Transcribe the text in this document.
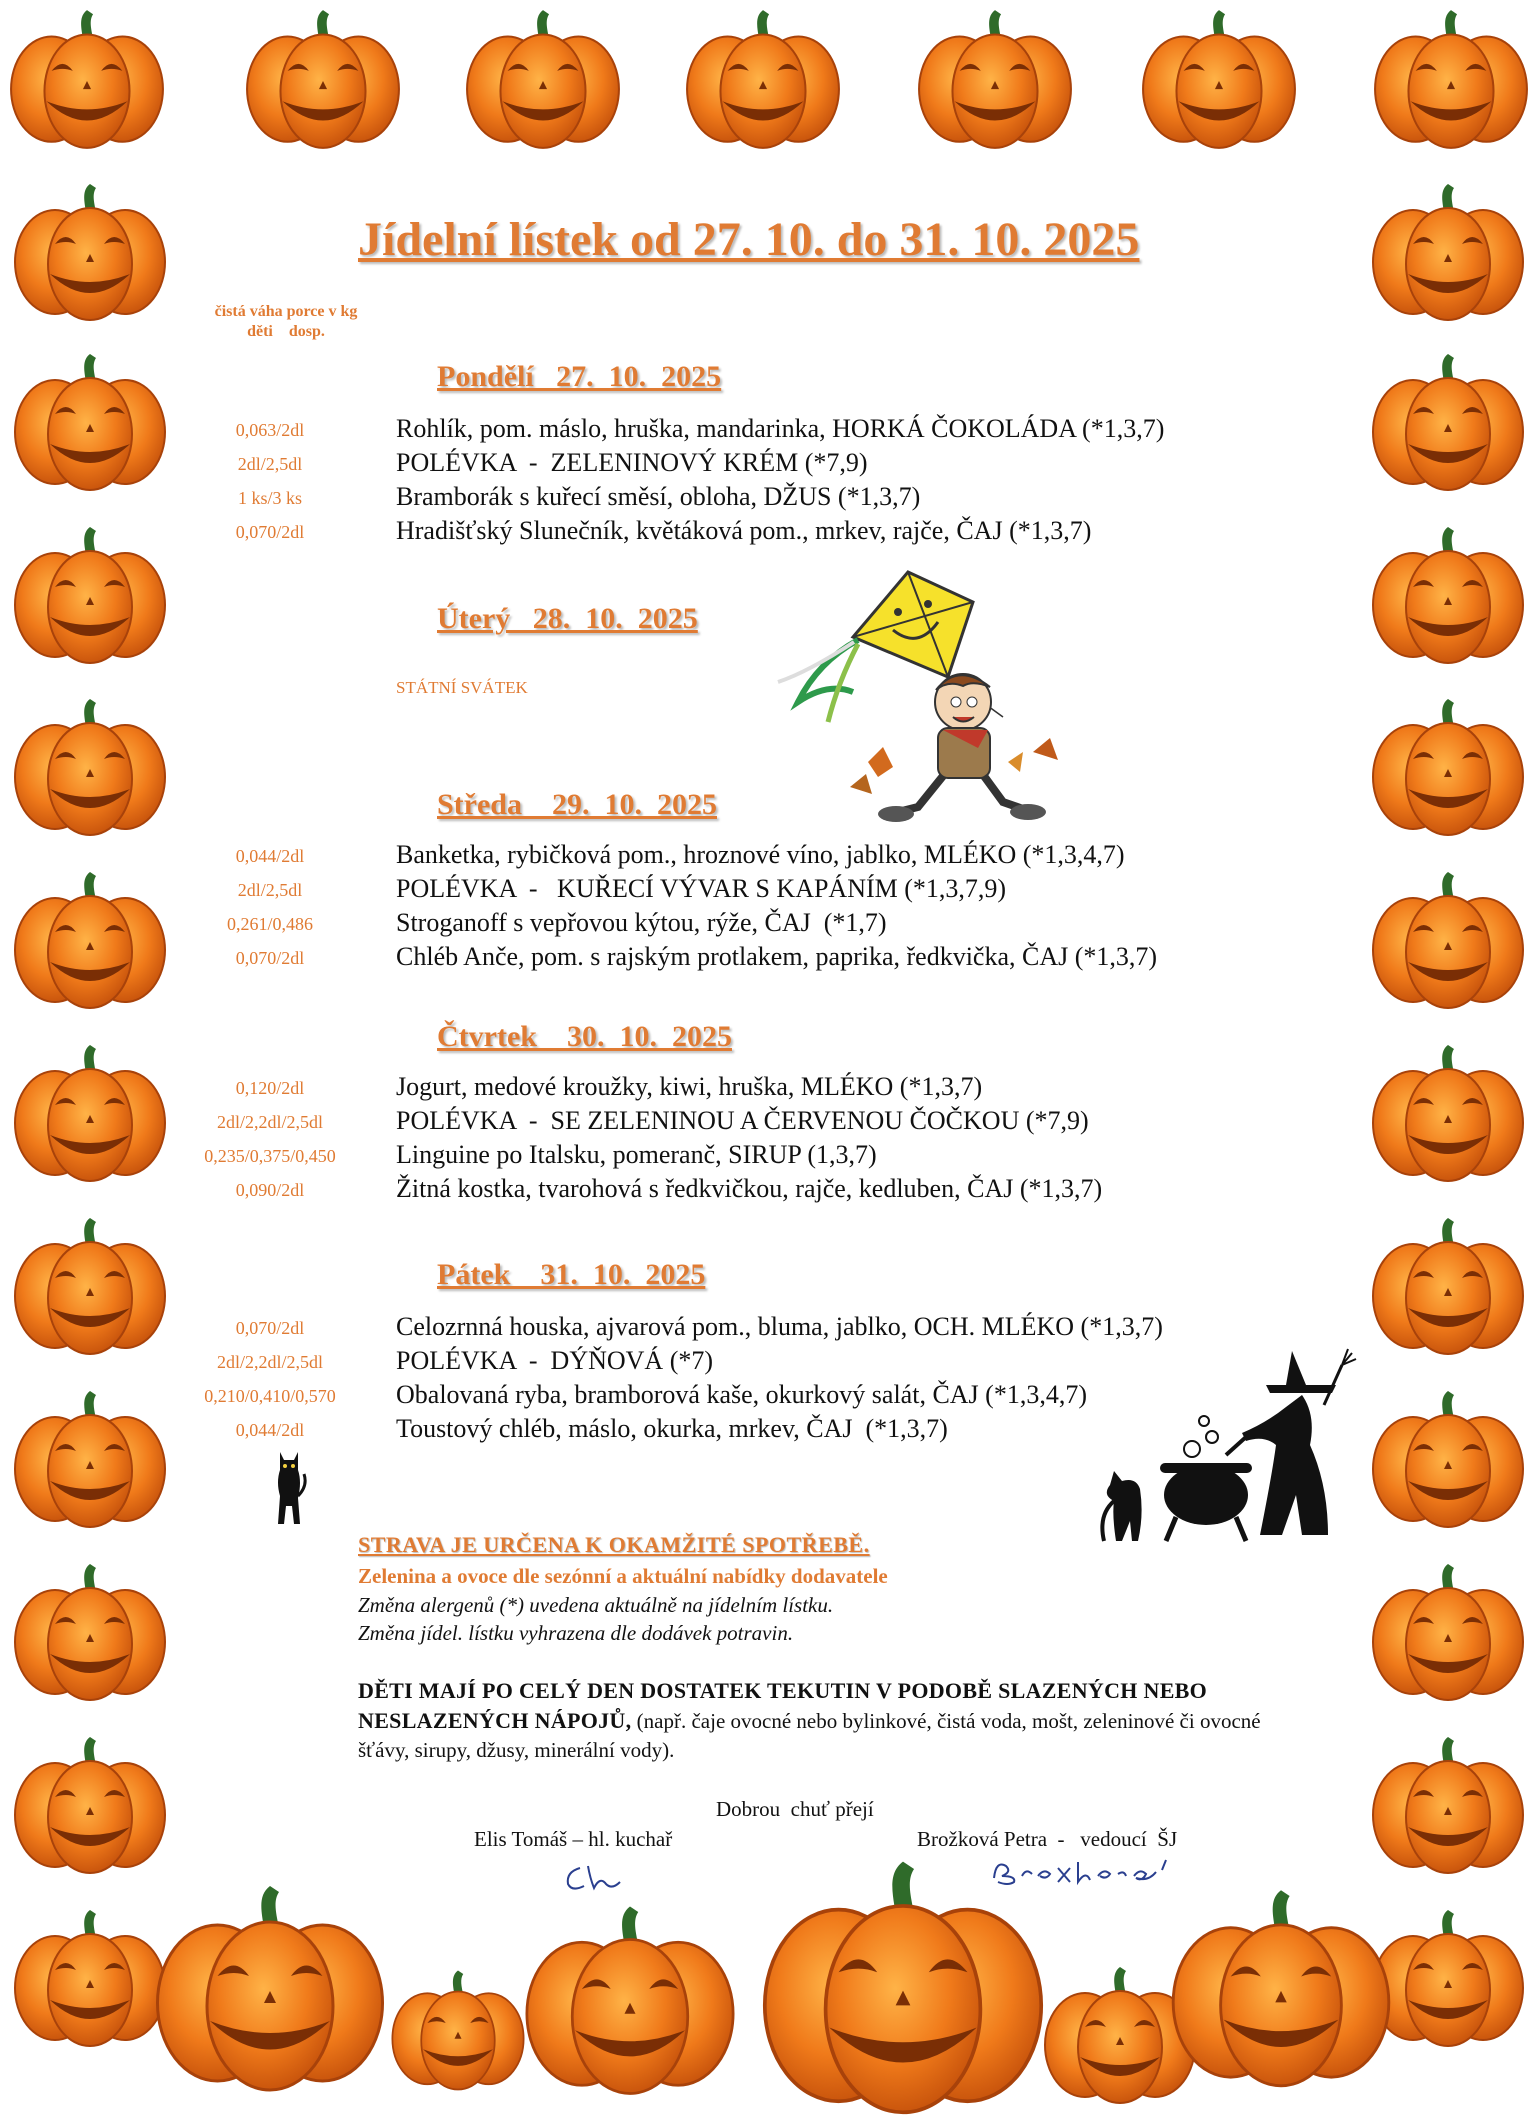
Jídelní lístek od 27. 10. do 31. 10. 2025
čistá váha porce v kg
děti    dosp.
Pondělí   27.  10.  2025
0,063/2dl	Rohlík, pom. máslo, hruška, mandarinka, HORKÁ ČOKOLÁDA (*1,3,7)
2dl/2,5dl	POLÉVKA  -  ZELENINOVÝ KRÉM (*7,9)
1 ks/3 ks	Bramborák s kuřecí směsí, obloha, DŽUS (*1,3,7)
0,070/2dl	Hradišťský Slunečník, květáková pom., mrkev, rajče, ČAJ (*1,3,7)
Úterý   28.  10.  2025
STÁTNÍ SVÁTEK
Středa    29.  10.  2025
0,044/2dl	Banketka, rybičková pom., hroznové víno, jablko, MLÉKO (*1,3,4,7)
2dl/2,5dl	POLÉVKA  -   KUŘECÍ VÝVAR S KAPÁNÍM (*1,3,7,9)
0,261/0,486	Stroganoff s vepřovou kýtou, rýže, ČAJ  (*1,7)
0,070/2dl	Chléb Anče, pom. s rajským protlakem, paprika, ředkvička, ČAJ (*1,3,7)
Čtvrtek    30.  10.  2025
0,120/2dl	Jogurt, medové kroužky, kiwi, hruška, MLÉKO (*1,3,7)
2dl/2,2dl/2,5dl	POLÉVKA  -  SE ZELENINOU A ČERVENOU ČOČKOU (*7,9)
0,235/0,375/0,450	Linguine po Italsku, pomeranč, SIRUP (1,3,7)
0,090/2dl	Žitná kostka, tvarohová s ředkvičkou, rajče, kedluben, ČAJ (*1,3,7)
Pátek    31.  10.  2025
0,070/2dl	Celozrnná houska, ajvarová pom., bluma, jablko, OCH. MLÉKO (*1,3,7)
2dl/2,2dl/2,5dl	POLÉVKA  -  DÝŇOVÁ (*7)
0,210/0,410/0,570	Obalovaná ryba, bramborová kaše, okurkový salát, ČAJ (*1,3,4,7)
0,044/2dl	Toustový chléb, máslo, okurka, mrkev, ČAJ  (*1,3,7)
STRAVA JE URČENA K OKAMŽITÉ SPOTŘEBĚ.
Zelenina a ovoce dle sezónní a aktuální nabídky dodavatele
Změna alergenů (*) uvedena aktuálně na jídelním lístku.
Změna jídel. lístku vyhrazena dle dodávek potravin.
DĚTI MAJÍ PO CELÝ DEN DOSTATEK TEKUTIN V PODOBĚ SLAZENÝCH NEBO NESLAZENÝCH NÁPOJŮ, (např. čaje ovocné nebo bylinkové, čistá voda, mošt, zeleninové či ovocné šťávy, sirupy, džusy, minerální vody).
Dobrou  chuť přejí
Elis Tomáš – hl. kuchař	Brožková Petra  -   vedoucí  ŠJ
